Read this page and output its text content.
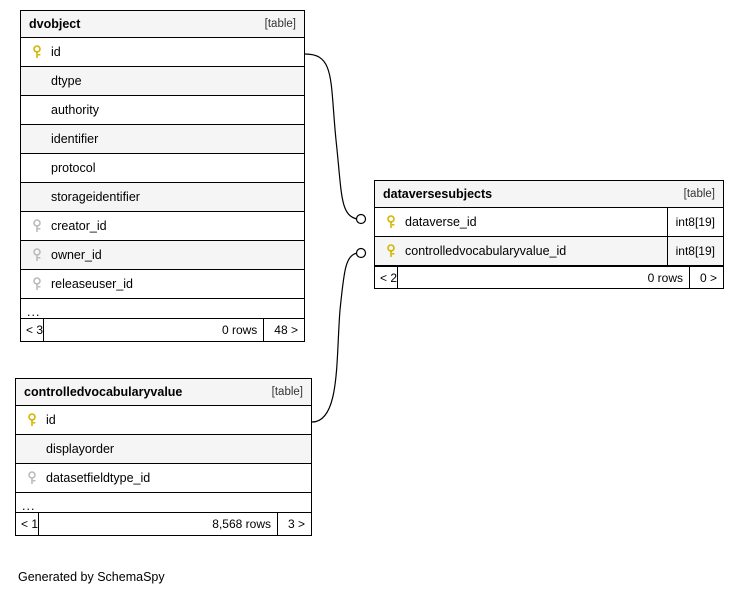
dvobject	[table]
id
dtype
authority
identifier
protocol
storageidentifier
creator_id
owner_id
releaseuser_id
...
< 3	0 rows	48 >
dataversesubjects	[table]
dataverse_id	int8[19]
controlledvocabularyvalue_id	int8[19]
< 2	0 rows	0 >
controlledvocabularyvalue	[table]
id
displayorder
datasetfieldtype_id
...
< 1	8,568 rows	3 >
Generated by SchemaSpy
